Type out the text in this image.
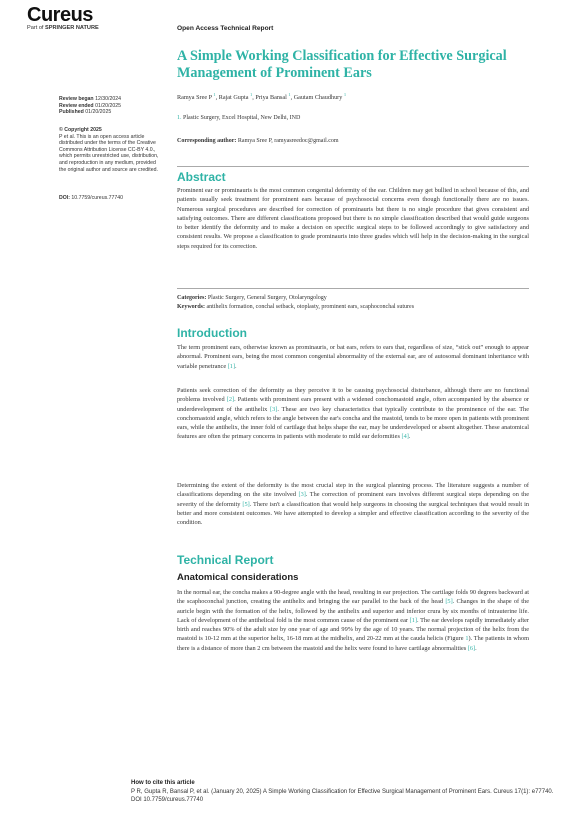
Cureus
Part of SPRINGER NATURE	Open Access Technical Report
A Simple Working Classification for Effective Surgical Management of Prominent Ears
Ramya Sree P $^1$, Rajat Gupta $^1$, Priya Bansal $^1$, Gautam Chaudhury $^1$
1. Plastic Surgery, Excel Hospital, New Delhi, IND
Corresponding author: Ramya Sree P, ramyasreedoc@gmail.com
Review began 12/30/2024
Review ended 01/20/2025
Published 01/20/2025
© Copyright 2025
P et al. This is an open access article
distributed under the terms of the Creative
Commons Attribution License CC-BY 4.0.,
which permits unrestricted use, distribution,
and reproduction in any medium, provided
the original author and source are credited.
DOI: 10.7759/cureus.77740
Abstract
Prominent ear or prominauris is the most common congenital deformity of the ear. Children may get bullied in school because of this, and patients usually seek treatment for prominent ears because of psychosocial concerns even though functionally there are no issues. Numerous surgical procedures are described for correction of prominauris but there is no single procedure that gives consistent and satisfying outcomes. There are different classifications proposed but there is no simple classification described that would guide surgeons to better identify the deformity and to make a decision on specific surgical steps to be followed accordingly to give satisfactory and consistent results. We propose a classification to grade prominauris into three grades which will help in the decision-making in the surgical steps required for its correction.
Categories: Plastic Surgery, General Surgery, Otolaryngology
Keywords: antihelix formation, conchal setback, otoplasty, prominent ears, scaphoconchal sutures
Introduction
The term prominent ears, otherwise known as prominauris, or bat ears, refers to ears that, regardless of size, “stick out” enough to appear abnormal. Prominent ears, being the most common congenital abnormality of the external ear, are of autosomal dominant inheritance with variable penetrance [1].
Patients seek correction of the deformity as they perceive it to be causing psychosocial disturbance, although there are no functional problems involved [2]. Patients with prominent ears present with a widened conchomastoid angle, often accompanied by the absence or underdevelopment of the antihelix [3]. These are two key characteristics that typically contribute to the prominence of the ear. The conchomastoid angle, which refers to the angle between the ear's concha and the mastoid, tends to be more open in patients with prominent ears, while the antihelix, the inner fold of cartilage that helps shape the ear, may be underdeveloped or absent altogether. These anatomical features are often the primary concerns in patients with moderate to mild ear deformities [4].
Determining the extent of the deformity is the most crucial step in the surgical planning process. The literature suggests a number of classifications depending on the site involved [3]. The correction of prominent ears involves different surgical steps depending on the severity of the deformity [5]. There isn't a classification that would help surgeons in choosing the surgical techniques that would result in better and more consistent outcomes. We have attempted to develop a simpler and effective classification according to the severity of the condition.
Technical Report
Anatomical considerations
In the normal ear, the concha makes a 90-degree angle with the head, resulting in ear projection. The cartilage folds 90 degrees backward at the scaphoconchal junction, creating the antihelix and bringing the ear parallel to the back of the head [5]. Changes in the shape of the auricle begin with the formation of the helix, followed by the antihelix and superior and inferior crura by six months of intrauterine life. Lack of development of the antihelical fold is the most common cause of the prominent ear [1]. The ear develops rapidly immediately after birth and reaches 90% of the adult size by one year of age and 99% by the age of 10 years. The normal projection of the helix from the mastoid is 10-12 mm at the superior helix, 16-18 mm at the midhelix, and 20-22 mm at the cauda helicis (Figure 1). The patients in whom there is a distance of more than 2 cm between the mastoid and the helix were found to have cartilage abnormalities [6].
How to cite this article
P R, Gupta R, Bansal P, et al. (January 20, 2025) A Simple Working Classification for Effective Surgical Management of Prominent Ears. Cureus 17(1): e77740. DOI 10.7759/cureus.77740
